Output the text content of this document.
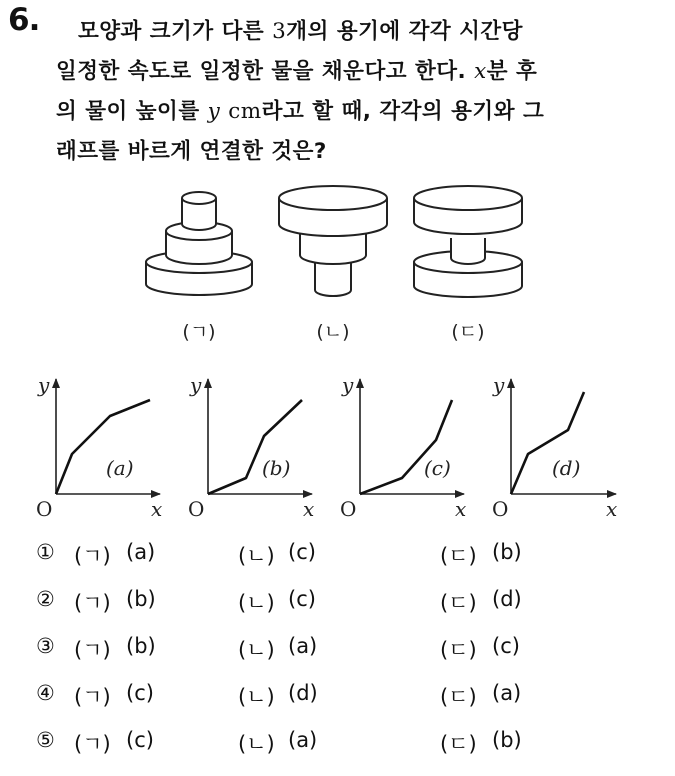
6.	모양과 크기가 다른 3개의 용기에 각각 시간당
일정한 속도로 일정한 물을 채운다고 한다. x분 후
의 물이 높이를 y cm라고 할 때, 각각의 용기와 그
래프를 바르게 연결한 것은?
(ㄱ)	(ㄴ)	(ㄷ)
y
x
O
(a)
y
x
O
(b)
y
x
O
(c)
y
x
O
(d)
① (ㄱ) (a)	(ㄴ) (c)	(ㄷ) (b)
② (ㄱ) (b)	(ㄴ) (c)	(ㄷ) (d)
③ (ㄱ) (b)	(ㄴ) (a)	(ㄷ) (c)
④ (ㄱ) (c)	(ㄴ) (d)	(ㄷ) (a)
⑤ (ㄱ) (c)	(ㄴ) (a)	(ㄷ) (b)
